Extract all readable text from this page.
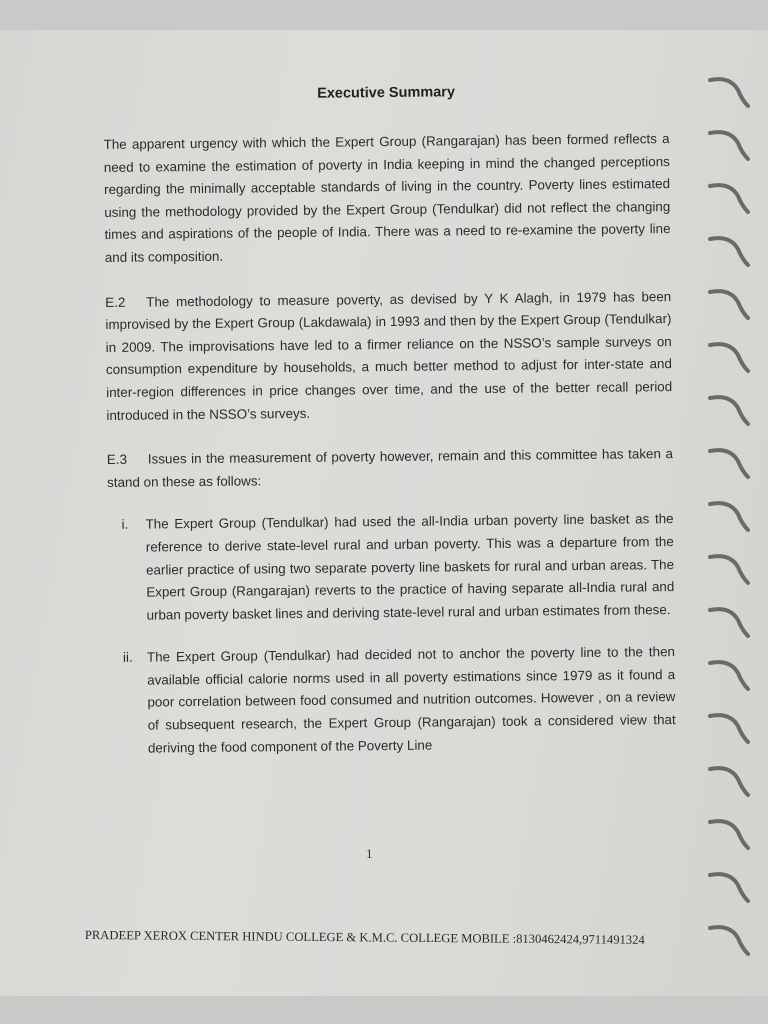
Executive Summary

The apparent urgency with which the Expert Group (Rangarajan) has been formed reflects a need to examine the estimation of poverty in India keeping in mind the changed perceptions regarding the minimally acceptable standards of living in the country. Poverty lines estimated using the methodology provided by the Expert Group (Tendulkar) did not reflect the changing times and aspirations of the people of India. There was a need to re-examine the poverty line and its composition.

E.2 The methodology to measure poverty, as devised by Y K Alagh, in 1979 has been improvised by the Expert Group (Lakdawala) in 1993 and then by the Expert Group (Tendulkar) in 2009. The improvisations have led to a firmer reliance on the NSSO’s sample surveys on consumption expenditure by households, a much better method to adjust for inter-state and inter-region differences in price changes over time, and the use of the better recall period introduced in the NSSO’s surveys.

E.3 Issues in the measurement of poverty however, remain and this committee has taken a stand on these as follows:

i. The Expert Group (Tendulkar) had used the all-India urban poverty line basket as the reference to derive state-level rural and urban poverty. This was a departure from the earlier practice of using two separate poverty line baskets for rural and urban areas. The Expert Group (Rangarajan) reverts to the practice of having separate all-India rural and urban poverty basket lines and deriving state-level rural and urban estimates from these.

ii. The Expert Group (Tendulkar) had decided not to anchor the poverty line to the then available official calorie norms used in all poverty estimations since 1979 as it found a poor correlation between food consumed and nutrition outcomes. However , on a review of subsequent research, the Expert Group (Rangarajan) took a considered view that deriving the food component of the Poverty Line

1
PRADEEP XEROX CENTER HINDU COLLEGE & K.M.C. COLLEGE MOBILE :8130462424,9711491324
